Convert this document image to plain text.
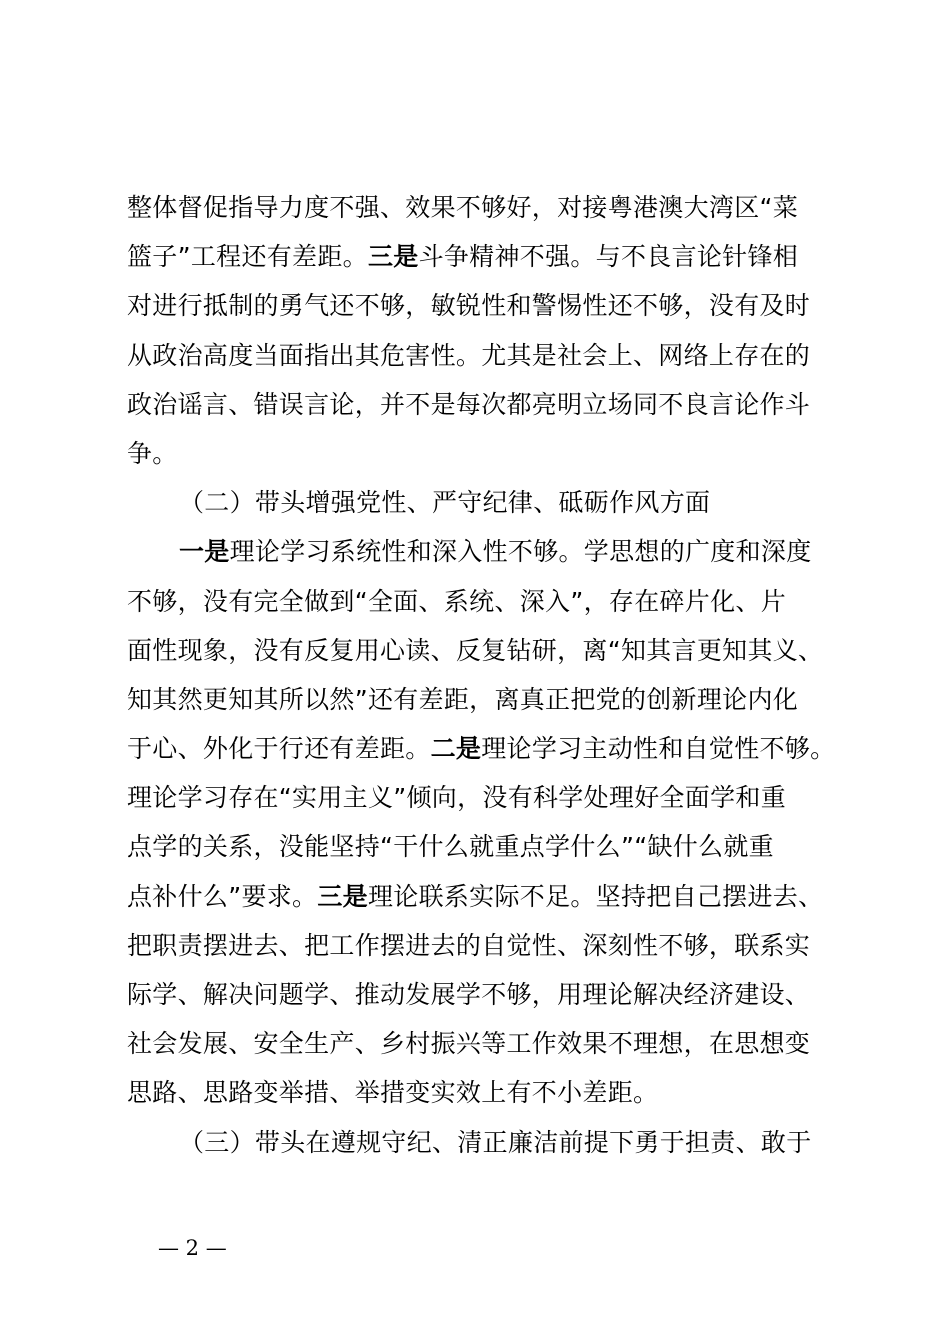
整体督促指导力度不强、效果不够好，对接粤港澳大湾区“菜
篮子”工程还有差距。三是斗争精神不强。与不良言论针锋相
对进行抵制的勇气还不够，敏锐性和警惕性还不够，没有及时
从政治高度当面指出其危害性。尤其是社会上、网络上存在的
政治谣言、错误言论，并不是每次都亮明立场同不良言论作斗
争。
（二）带头增强党性、严守纪律、砥砺作风方面
一是理论学习系统性和深入性不够。学思想的广度和深度
不够，没有完全做到“全面、系统、深入”，存在碎片化、片
面性现象，没有反复用心读、反复钻研，离“知其言更知其义、
知其然更知其所以然”还有差距，离真正把党的创新理论内化
于心、外化于行还有差距。二是理论学习主动性和自觉性不够。
理论学习存在“实用主义”倾向，没有科学处理好全面学和重
点学的关系，没能坚持“干什么就重点学什么”“缺什么就重
点补什么”要求。三是理论联系实际不足。坚持把自己摆进去、
把职责摆进去、把工作摆进去的自觉性、深刻性不够，联系实
际学、解决问题学、推动发展学不够，用理论解决经济建设、
社会发展、安全生产、乡村振兴等工作效果不理想，在思想变
思路、思路变举措、举措变实效上有不小差距。
（三）带头在遵规守纪、清正廉洁前提下勇于担责、敢于
— 2 —
